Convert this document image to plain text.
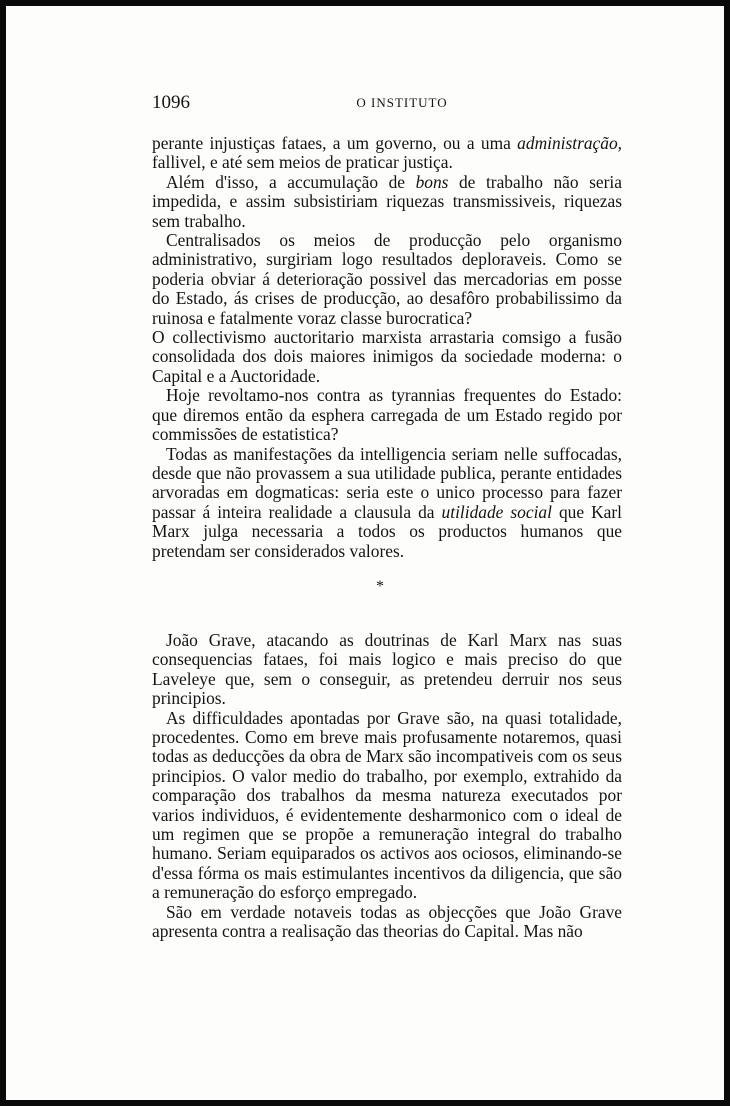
1096	O INSTITUTO

perante injustiças fataes, a um governo, ou a uma administração, fallivel, e até sem meios de praticar justiça.

Além d'isso, a accumulação de bons de trabalho não seria impedida, e assim subsistiriam riquezas transmissiveis, riquezas sem trabalho.

Centralisados os meios de producção pelo organismo administrativo, surgiriam logo resultados deploraveis. Como se poderia obviar á deterioração possivel das mercadorias em posse do Estado, ás crises de producção, ao desafôro probabilissimo da ruinosa e fatalmente voraz classe burocratica?

O collectivismo auctoritario marxista arrastaria comsigo a fusão consolidada dos dois maiores inimigos da sociedade moderna: o Capital e a Auctoridade.

Hoje revoltamo-nos contra as tyrannias frequentes do Estado: que diremos então da esphera carregada de um Estado regido por commissões de estatistica?

Todas as manifestações da intelligencia seriam nelle suffocadas, desde que não provassem a sua utilidade publica, perante entidades arvoradas em dogmaticas: seria este o unico processo para fazer passar á inteira realidade a clausula da utilidade social que Karl Marx julga necessaria a todos os productos humanos que pretendam ser considerados valores.

*

João Grave, atacando as doutrinas de Karl Marx nas suas consequencias fataes, foi mais logico e mais preciso do que Laveleye que, sem o conseguir, as pretendeu derruir nos seus principios.

As difficuldades apontadas por Grave são, na quasi totalidade, procedentes. Como em breve mais profusamente notaremos, quasi todas as deducções da obra de Marx são incompativeis com os seus principios. O valor medio do trabalho, por exemplo, extrahido da comparação dos trabalhos da mesma natureza executados por varios individuos, é evidentemente desharmonico com o ideal de um regimen que se propõe a remuneração integral do trabalho humano. Seriam equiparados os activos aos ociosos, eliminando-se d'essa fórma os mais estimulantes incentivos da diligencia, que são a remuneração do esforço empregado.

São em verdade notaveis todas as objecções que João Grave apresenta contra a realisação das theorias do Capital. Mas não
